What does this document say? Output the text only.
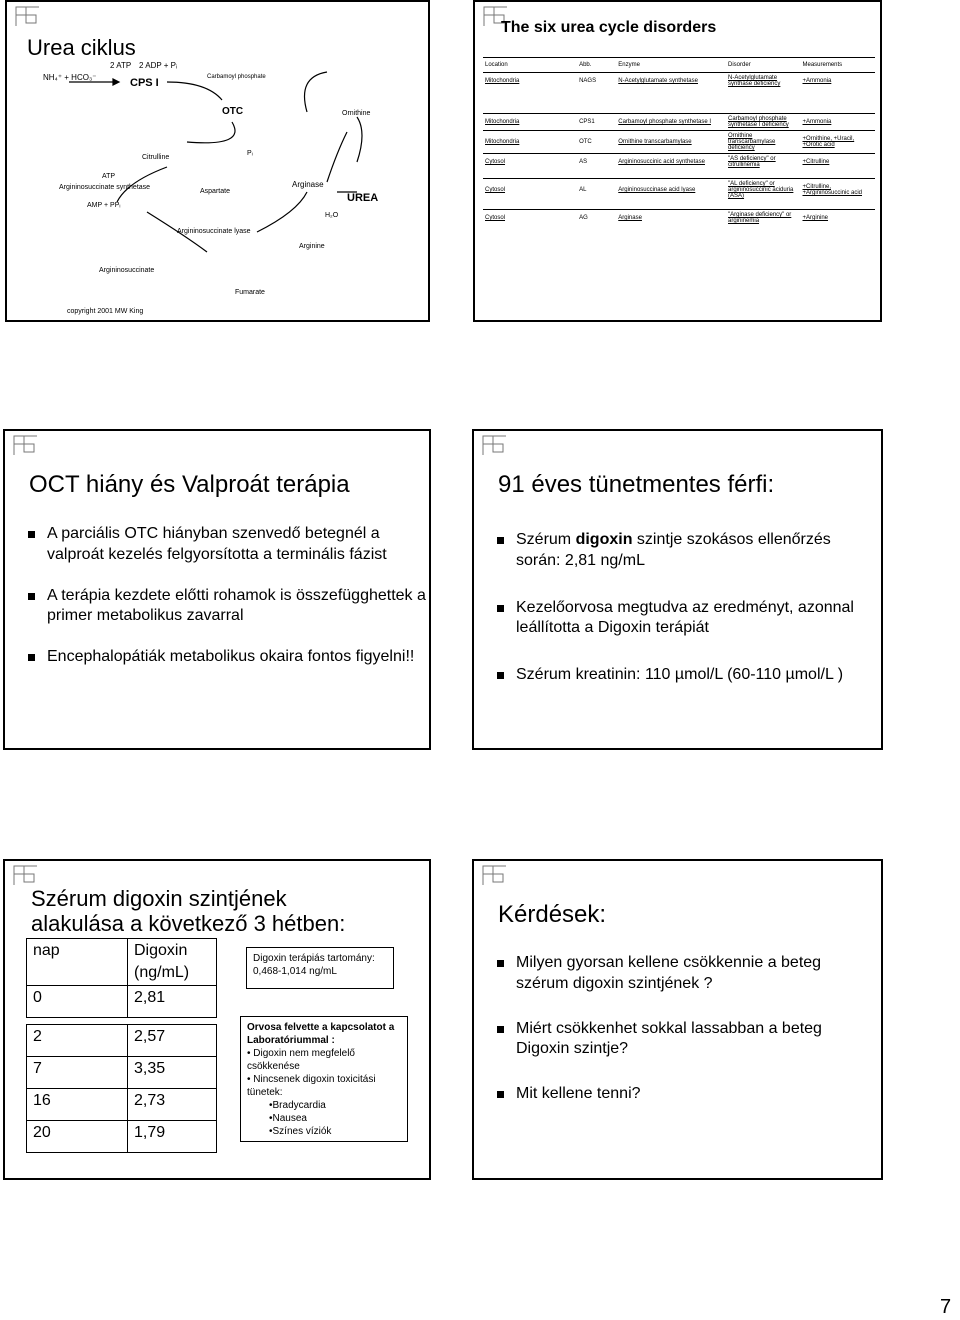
Urea ciklus
NH₄⁺ + HCO₃⁻
2 ATP 2 ADP + Pᵢ
CPS I	Carbamoyl phosphate
OTC	Ornithine
Citrulline
Pᵢ
ATP
Argininosuccinate synthetase
AMP + PPᵢ
Aspartate
Arginase
H₂O
UREA
Argininosuccinate lyase
Arginine
Argininosuccinate
Fumarate
copyright 2001 MW King
The six urea cycle disorders
Location	Abb.	Enzyme	Disorder	Measurements
Mitochondria	NAGS	N-Acetylglutamate synthetase	N-Acetylglutamate synthase deficiency	+Ammonia

Mitochondria	CPS1	Carbamoyl phosphate synthetase I	Carbamoyl phosphate synthetase I deficiency	+Ammonia
Mitochondria	OTC	Ornithine transcarbamylase	Ornithine transcarbamylase deficiency	+Ornithine, +Uracil, +Orotic acid
Cytosol	AS	Argininosuccinic acid synthetase	"AS deficiency" or citrullinemia	+Citrulline

Cytosol	AL	Argininosuccinase acid lyase	"AL deficiency" or argininosuccinic aciduria (ASA)	+Citrulline, +Argininosuccinic acid

Cytosol	AG	Arginase	"Arginase deficiency" or argininemia	+Arginine
OCT hiány és Valproát terápia
A parciális OTC hiányban szenvedő betegnél a valproát kezelés felgyorsította a terminális fázist
A terápia kezdete előtti rohamok is összefügghettek a primer metabolikus zavarral
Encephalopátiák metabolikus okaira fontos figyelni!!
91 éves tünetmentes férfi:
Szérum digoxin szintje szokásos ellenőrzés során: 2,81 ng/mL
Kezelőorvosa megtudva az eredményt, azonnal leállította a Digoxin terápiát
Szérum kreatinin: 110 µmol/L (60-110 µmol/L )
Szérum digoxin szintjének
alakulása a következő 3 hétben:
nap	Digoxin
(ng/mL)

0	2,81

2	2,57
7	3,35
16	2,73
20	1,79
Digoxin terápiás tartomány:
0,468-1,014 ng/mL
Orvosa felvette a kapcsolatot a Laboratóriummal :
• Digoxin nem megfelelő csökkenése
• Nincsenek digoxin toxicitási tünetek:
•Bradycardia
•Nausea
•Színes víziók
Kérdések:
Milyen gyorsan kellene csökkennie a beteg szérum digoxin szintjének ?
Miért csökkenhet sokkal lassabban a beteg Digoxin szintje?
Mit kellene tenni?
7
